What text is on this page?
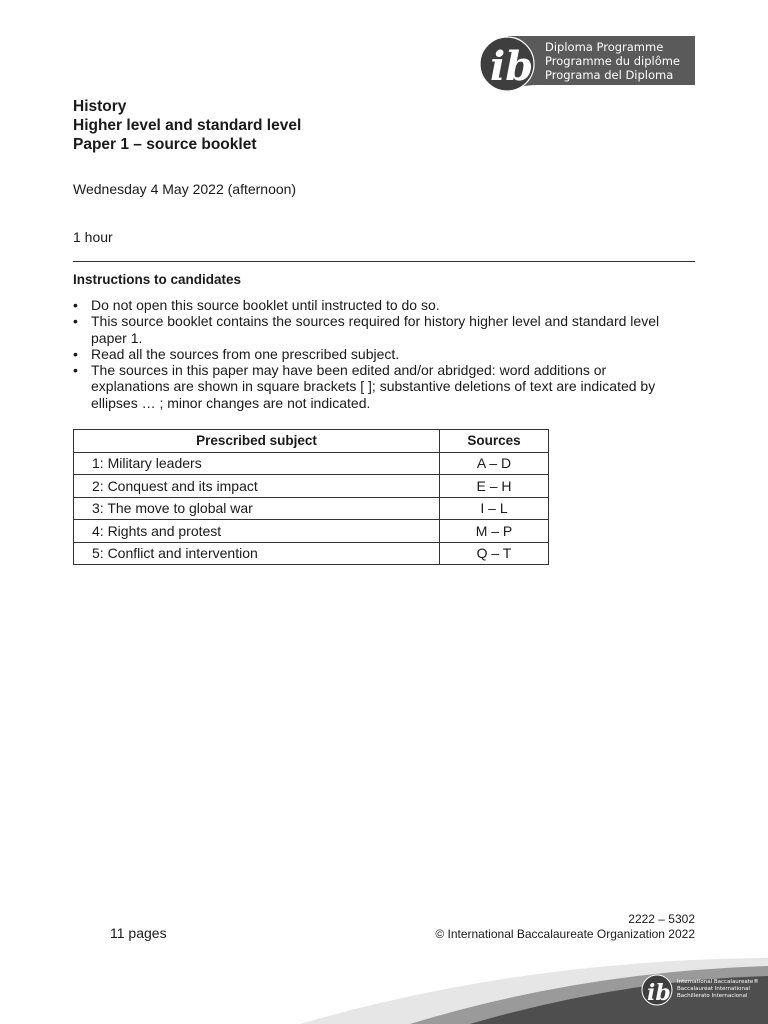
ib Diploma Programme
Programme du diplôme
Programa del Diploma
History
Higher level and standard level
Paper 1 – source booklet
Wednesday 4 May 2022 (afternoon)
1 hour
Instructions to candidates
• Do not open this source booklet until instructed to do so.
• This source booklet contains the sources required for history higher level and standard level paper 1.
• Read all the sources from one prescribed subject.
• The sources in this paper may have been edited and/or abridged: word additions or explanations are shown in square brackets [ ]; substantive deletions of text are indicated by ellipses … ; minor changes are not indicated.
Prescribed subject	Sources
1: Military leaders	A – D
2: Conquest and its impact	E – H
3: The move to global war	I – L
4: Rights and protest	M – P
5: Conflict and intervention	Q – T
11 pages
2222 – 5302
© International Baccalaureate Organization 2022
ib International Baccalaureate®
Baccalauréat International
Bachillerato Internacional
